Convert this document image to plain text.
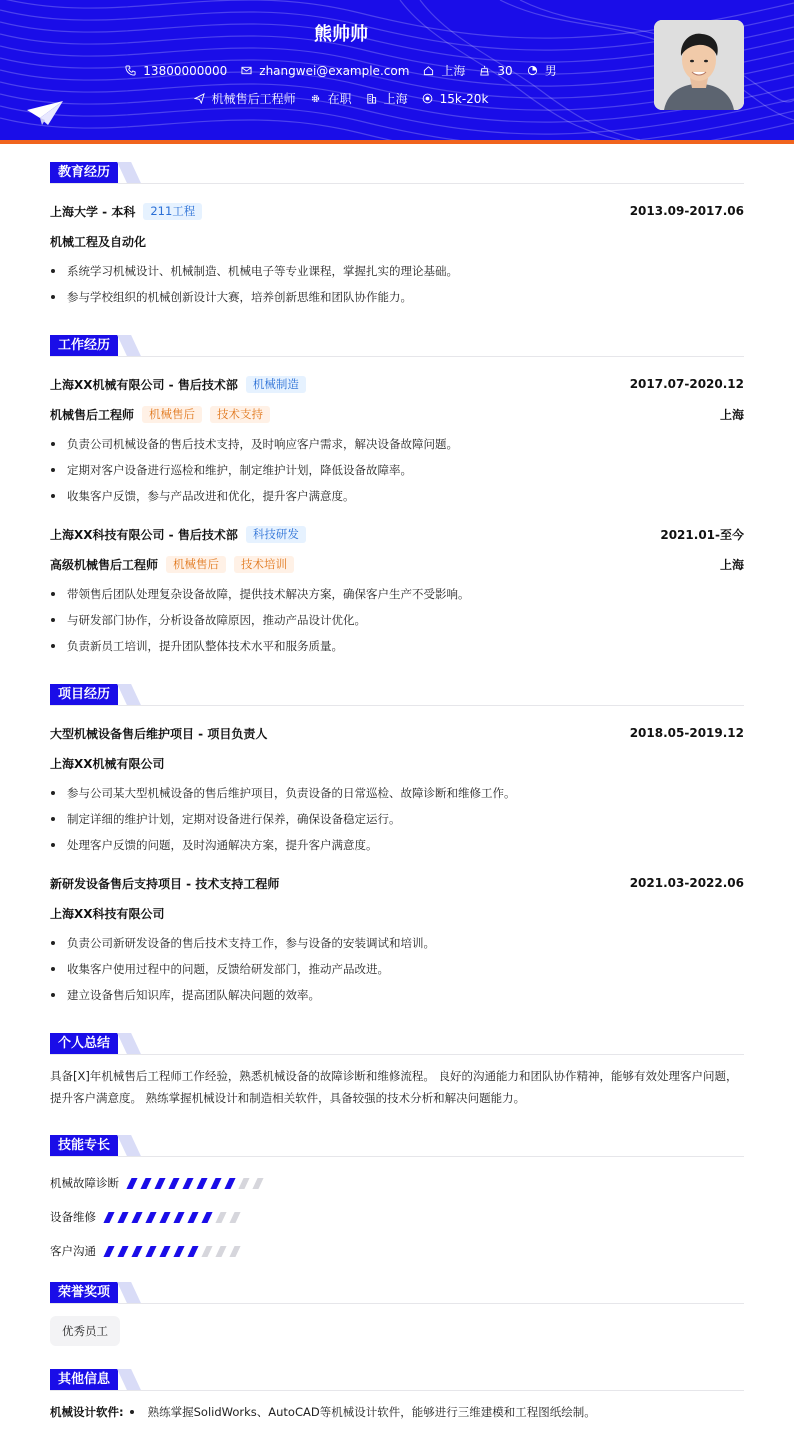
熊帅帅
13800000000	zhangwei@example.com	上海	30	男
机械售后工程师	在职	上海	15k-20k
教育经历
上海大学 - 本科	211工程	2013.09-2017.06
机械工程及自动化
系统学习机械设计、机械制造、机械电子等专业课程，掌握扎实的理论基础。
参与学校组织的机械创新设计大赛，培养创新思维和团队协作能力。
工作经历
上海XX机械有限公司 - 售后技术部	机械制造	2017.07-2020.12
机械售后工程师	机械售后	技术支持	上海
负责公司机械设备的售后技术支持，及时响应客户需求，解决设备故障问题。
定期对客户设备进行巡检和维护，制定维护计划，降低设备故障率。
收集客户反馈，参与产品改进和优化，提升客户满意度。
上海XX科技有限公司 - 售后技术部	科技研发	2021.01-至今
高级机械售后工程师	机械售后	技术培训	上海
带领售后团队处理复杂设备故障，提供技术解决方案，确保客户生产不受影响。
与研发部门协作，分析设备故障原因，推动产品设计优化。
负责新员工培训，提升团队整体技术水平和服务质量。
项目经历
大型机械设备售后维护项目 - 项目负责人	2018.05-2019.12
上海XX机械有限公司
参与公司某大型机械设备的售后维护项目，负责设备的日常巡检、故障诊断和维修工作。
制定详细的维护计划，定期对设备进行保养，确保设备稳定运行。
处理客户反馈的问题，及时沟通解决方案，提升客户满意度。
新研发设备售后支持项目 - 技术支持工程师	2021.03-2022.06
上海XX科技有限公司
负责公司新研发设备的售后技术支持工作，参与设备的安装调试和培训。
收集客户使用过程中的问题，反馈给研发部门，推动产品改进。
建立设备售后知识库，提高团队解决问题的效率。
个人总结
具备[X]年机械售后工程师工作经验，熟悉机械设备的故障诊断和维修流程。 良好的沟通能力和团队协作精神，能够有效处理客户问题，提升客户满意度。 熟练掌握机械设计和制造相关软件，具备较强的技术分析和解决问题能力。
技能专长
机械故障诊断
设备维修
客户沟通
荣誉奖项
优秀员工
其他信息
机械设计软件: 熟练掌握SolidWorks、AutoCAD等机械设计软件，能够进行三维建模和工程图纸绘制。
